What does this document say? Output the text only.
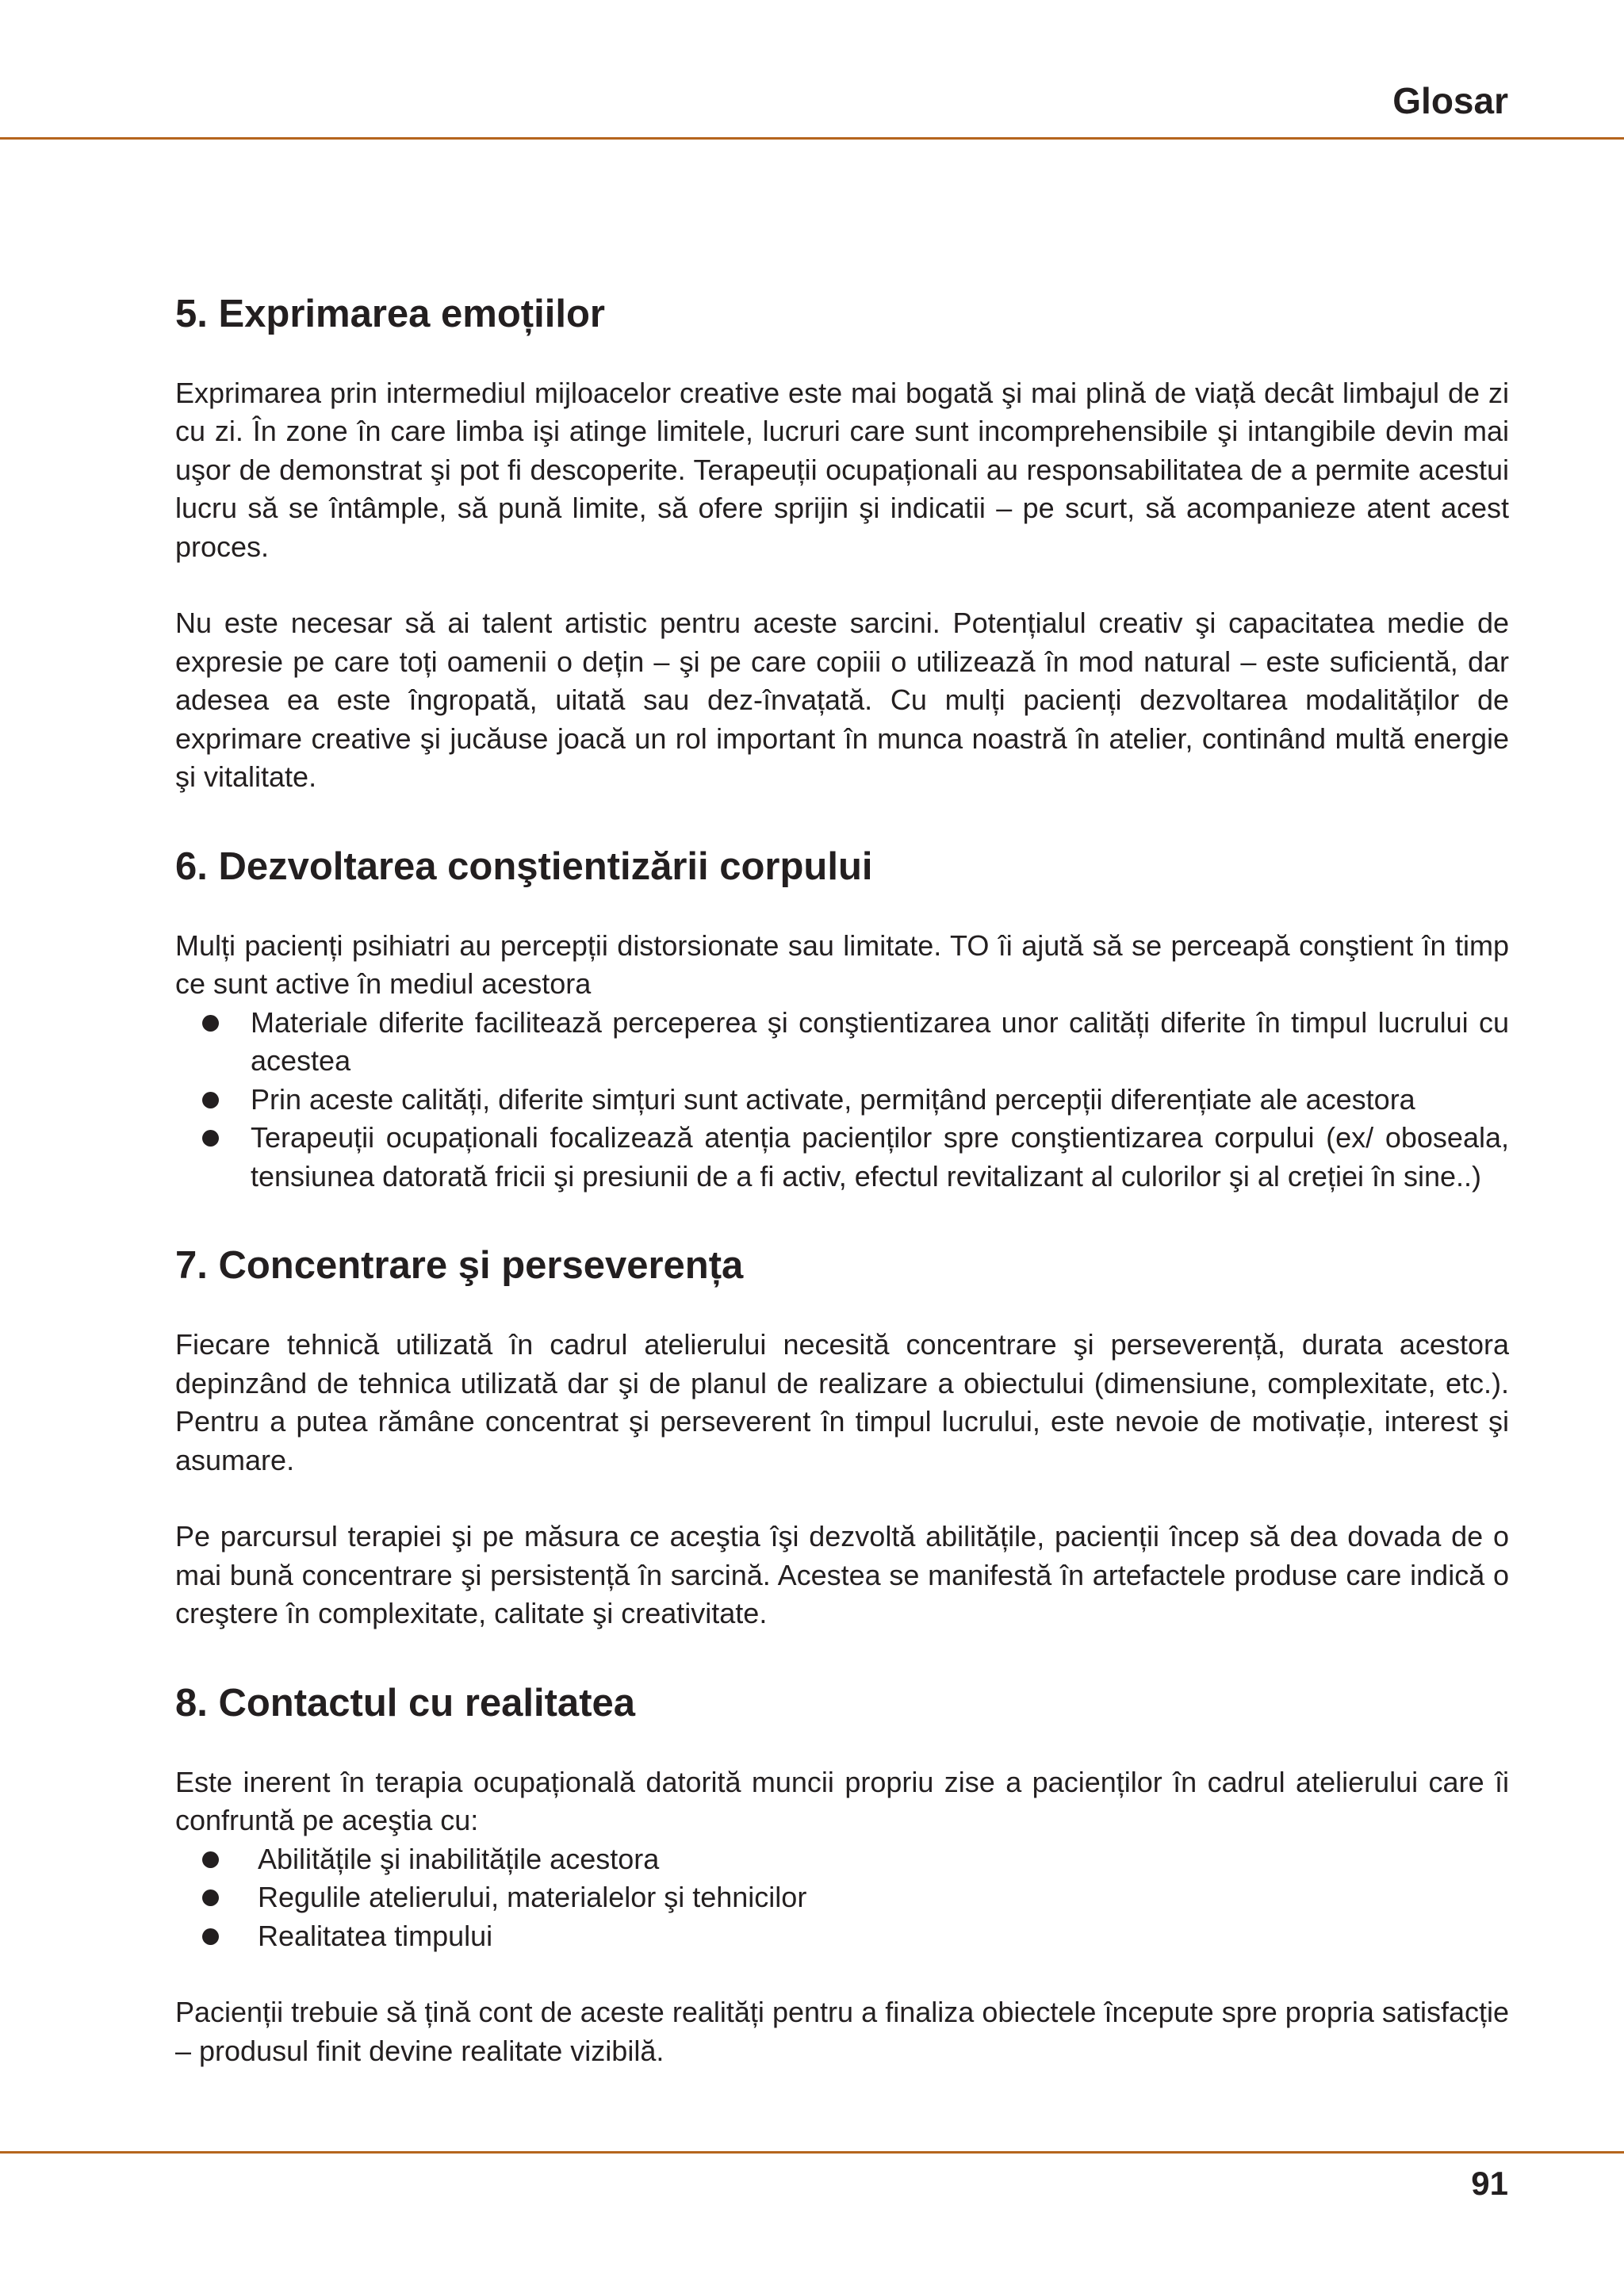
Glosar
5. Exprimarea emoțiilor

Exprimarea prin intermediul mijloacelor creative este mai bogată şi mai plină de viață decât limbajul de zi cu zi. În zone în care limba işi atinge limitele, lucruri care sunt incomprehensibile şi intangibile devin mai uşor de demonstrat şi pot fi descoperite. Terapeuții ocupaționali au responsabilitatea de a permite acestui lucru să se întâmple, să pună limite, să ofere sprijin şi indicatii – pe scurt, să acompanieze atent acest proces.

Nu este necesar să ai talent artistic pentru aceste sarcini. Potențialul creativ şi capacitatea medie de expresie pe care toți oamenii o dețin – şi pe care copiii o utilizează în mod natural – este suficientă, dar adesea ea este îngropată, uitată sau dez-învațată. Cu mulți pacienți dezvoltarea modalităților de exprimare creative şi jucăuse joacă un rol important în munca noastră în atelier, continând multă energie şi vitalitate.

6. Dezvoltarea conştientizării corpului

Mulți pacienți psihiatri au percepții distorsionate sau limitate. TO îi ajută să se perceapă conştient în timp ce sunt active în mediul acestora

Materiale diferite facilitează perceperea şi conştientizarea unor calități diferite în timpul lucrului cu acestea
Prin aceste calități, diferite simțuri sunt activate, permițând percepții diferențiate ale acestora
Terapeuții ocupaționali focalizează atenția pacienților spre conştientizarea corpului (ex/ oboseala, tensiunea datorată fricii şi presiunii de a fi activ, efectul revitalizant al culorilor şi al creției în sine..)
7. Concentrare şi perseverența

Fiecare tehnică utilizată în cadrul atelierului necesită concentrare şi perseverență, durata acestora depinzând de tehnica utilizată dar şi de planul de realizare a obiectului (dimensiune, complexitate, etc.). Pentru a putea rămâne concentrat şi perseverent în timpul lucrului, este nevoie de motivație, interest şi asumare.

Pe parcursul terapiei şi pe măsura ce aceştia îşi dezvoltă abilitățile, pacienții încep să dea dovada de o mai bună concentrare şi persistență în sarcină. Acestea se manifestă în artefactele produse care indică o creştere în complexitate, calitate şi creativitate.

8. Contactul cu realitatea

Este inerent în terapia ocupațională datorită muncii propriu zise a pacienților în cadrul atelierului care îi confruntă pe aceştia cu:

Abilitățile şi inabilitățile acestora
Regulile atelierului, materialelor şi tehnicilor
Realitatea timpului

Pacienții trebuie să țină cont de aceste realități pentru a finaliza obiectele începute spre propria satisfacție – produsul finit devine realitate vizibilă.

91
